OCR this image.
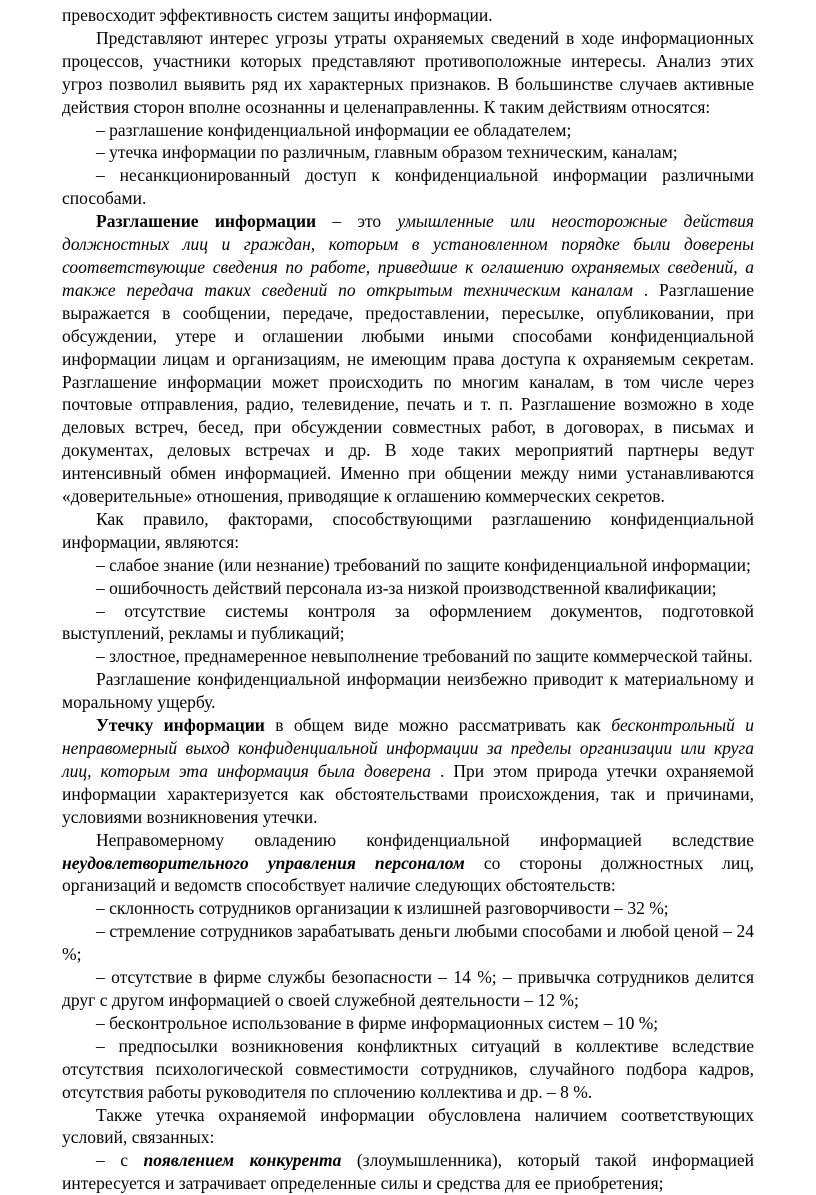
превосходит эффективность систем защиты информации.

Представляют интерес угрозы утраты охраняемых сведений в ходе информационных процессов, участники которых представляют противоположные интересы. Анализ этих угроз позволил выявить ряд их характерных признаков. В большинстве случаев активные действия сторон вполне осознанны и целенаправленны. К таким действиям относятся:

– разглашение конфиденциальной информации ее обладателем;

– утечка информации по различным, главным образом техническим, каналам;

– несанкционированный доступ к конфиденциальной информации различными способами.

Разглашение информации – это умышленные или неосторожные действия должностных лиц и граждан, которым в установленном порядке были доверены соответствующие сведения по работе, приведшие к оглашению охраняемых сведений, а также передача таких сведений по открытым техническим каналам . Разглашение выражается в сообщении, передаче, предоставлении, пересылке, опубликовании, при обсуждении, утере и оглашении любыми иными способами конфиденциальной информации лицам и организациям, не имеющим права доступа к охраняемым секретам. Разглашение информации может происходить по многим каналам, в том числе через почтовые отправления, радио, телевидение, печать и т. п. Разглашение возможно в ходе деловых встреч, бесед, при обсуждении совместных работ, в договорах, в письмах и документах, деловых встречах и др. В ходе таких мероприятий партнеры ведут интенсивный обмен информацией. Именно при общении между ними устанавливаются «доверительные» отношения, приводящие к оглашению коммерческих секретов.

Как правило, факторами, способствующими разглашению конфиденциальной информации, являются:

– слабое знание (или незнание) требований по защите конфиденциальной информации;

– ошибочность действий персонала из-за низкой производственной квалификации;

– отсутствие системы контроля за оформлением документов, подготовкой выступлений, рекламы и публикаций;

– злостное, преднамеренное невыполнение требований по защите коммерческой тайны.

Разглашение конфиденциальной информации неизбежно приводит к материальному и моральному ущербу.

Утечку информации в общем виде можно рассматривать как бесконтрольный и неправомерный выход конфиденциальной информации за пределы организации или круга лиц, которым эта информация была доверена . При этом природа утечки охраняемой информации характеризуется как обстоятельствами происхождения, так и причинами, условиями возникновения утечки.

Неправомерному овладению конфиденциальной информацией вследствие неудовлетворительного управления персоналом со стороны должностных лиц, организаций и ведомств способствует наличие следующих обстоятельств:

– склонность сотрудников организации к излишней разговорчивости – 32 %;

– стремление сотрудников зарабатывать деньги любыми способами и любой ценой – 24 %;

– отсутствие в фирме службы безопасности – 14 %; – привычка сотрудников делится

друг с другом информацией о своей служебной деятельности – 12 %;

– бесконтрольное использование в фирме информационных систем – 10 %;

– предпосылки возникновения конфликтных ситуаций в коллективе вследствие отсутствия психологической совместимости сотрудников, случайного подбора кадров, отсутствия работы руководителя по сплочению коллектива и др. – 8 %.

Также утечка охраняемой информации обусловлена наличием соответствующих условий, связанных:

– с появлением конкурента (злоумышленника), который такой информацией интересуется и затрачивает определенные силы и средства для ее приобретения;
